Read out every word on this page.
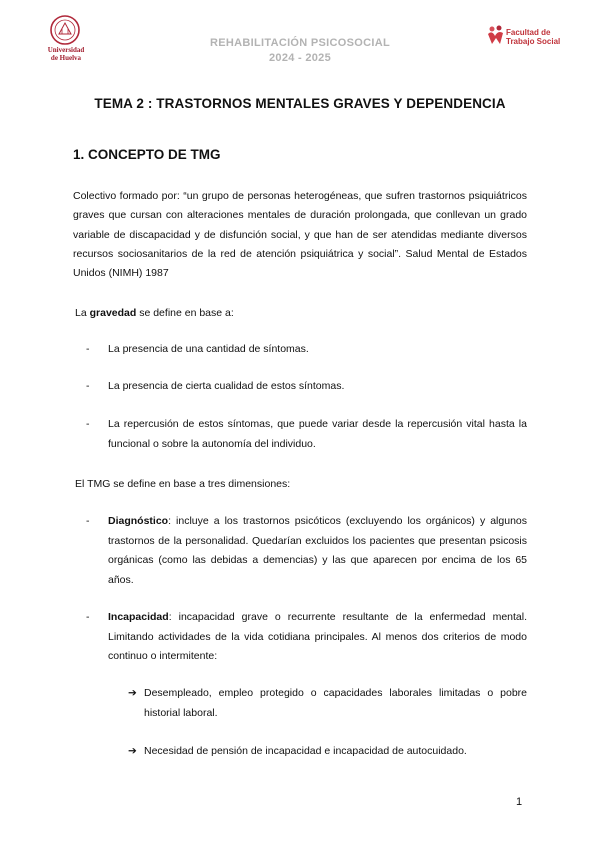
Universidad
de Huelva
REHABILITACIÓN PSICOSOCIAL
2024 - 2025
Facultad de
Trabajo Social
TEMA 2 : TRASTORNOS MENTALES GRAVES Y DEPENDENCIA
1. CONCEPTO DE TMG

Colectivo formado por: “un grupo de personas heterogéneas, que sufren trastornos psiquiátricos graves que cursan con alteraciones mentales de duración prolongada, que conllevan un grado variable de discapacidad y de disfunción social, y que han de ser atendidas mediante diversos recursos sociosanitarios de la red de atención psiquiátrica y social”. Salud Mental de Estados Unidos (NIMH) 1987

La gravedad se define en base a:
- La presencia de una cantidad de síntomas.
- La presencia de cierta cualidad de estos síntomas.
- La repercusión de estos síntomas, que puede variar desde la repercusión vital hasta la funcional o sobre la autonomía del individuo.
El TMG se define en base a tres dimensiones:
- Diagnóstico: incluye a los trastornos psicóticos (excluyendo los orgánicos) y algunos trastornos de la personalidad. Quedarían excluidos los pacientes que presentan psicosis orgánicas (como las debidas a demencias) y las que aparecen por encima de los 65 años.
- Incapacidad: incapacidad grave o recurrente resultante de la enfermedad mental. Limitando actividades de la vida cotidiana principales. Al menos dos criterios de modo continuo o intermitente:
➔ Desempleado, empleo protegido o capacidades laborales limitadas o pobre historial laboral.
➔ Necesidad de pensión de incapacidad e incapacidad de autocuidado.
1
